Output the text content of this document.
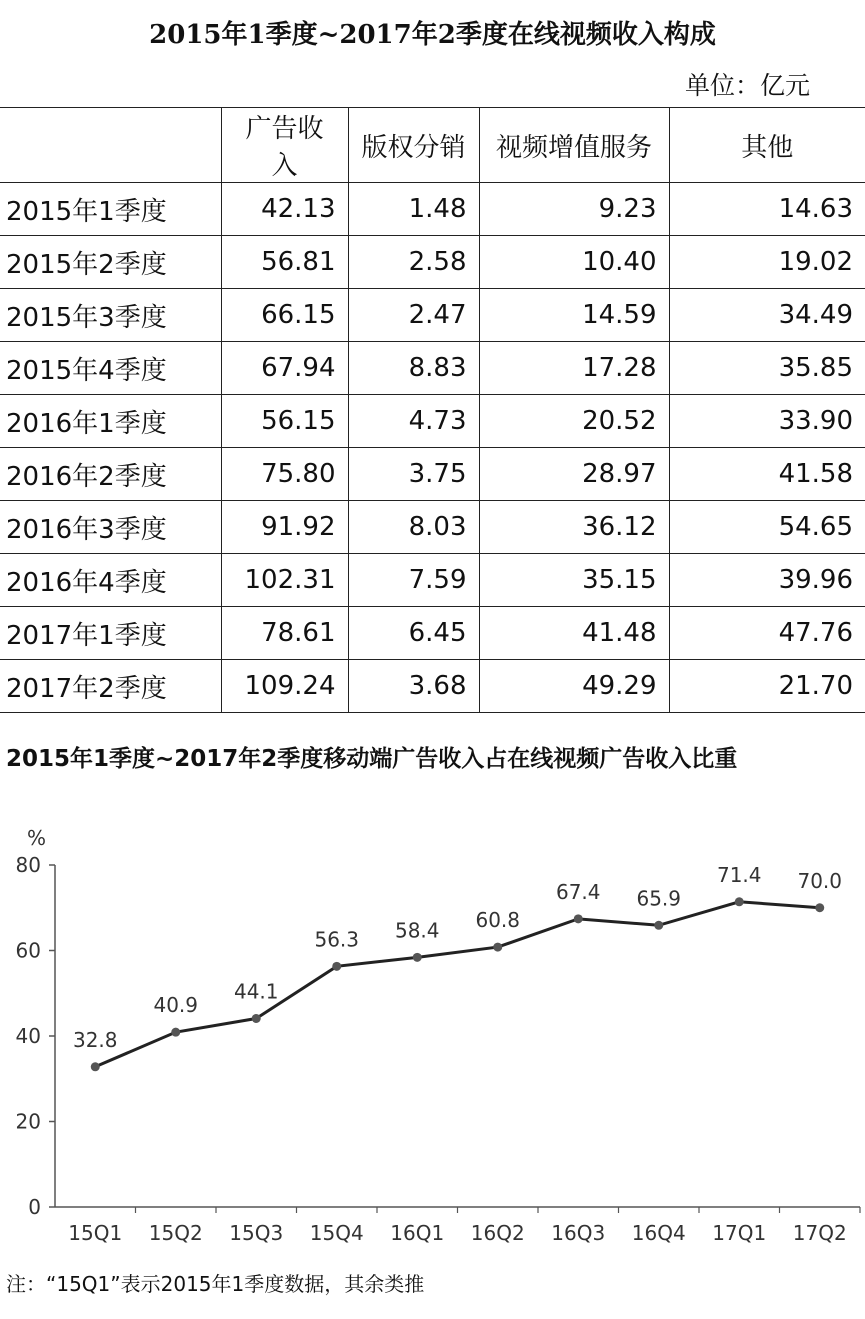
2015年1季度~2017年2季度在线视频收入构成
单位：亿元
	广告收入	版权分销	视频增值服务	其他
2015年1季度	42.13	1.48	9.23	14.63
2015年2季度	56.81	2.58	10.40	19.02
2015年3季度	66.15	2.47	14.59	34.49
2015年4季度	67.94	8.83	17.28	35.85
2016年1季度	56.15	4.73	20.52	33.90
2016年2季度	75.80	3.75	28.97	41.58
2016年3季度	91.92	8.03	36.12	54.65
2016年4季度	102.31	7.59	35.15	39.96
2017年1季度	78.61	6.45	41.48	47.76
2017年2季度	109.24	3.68	49.29	21.70
2015年1季度~2017年2季度移动端广告收入占在线视频广告收入比重
0
20
40
60
80
%
15Q1 15Q2 15Q3 15Q4 16Q1 16Q2 16Q3 16Q4 17Q1 17Q2
32.8
40.9
44.1
56.3 58.4 60.8
67.4 65.9
71.4 70.0
注：“15Q1”表示2015年1季度数据，其余类推
